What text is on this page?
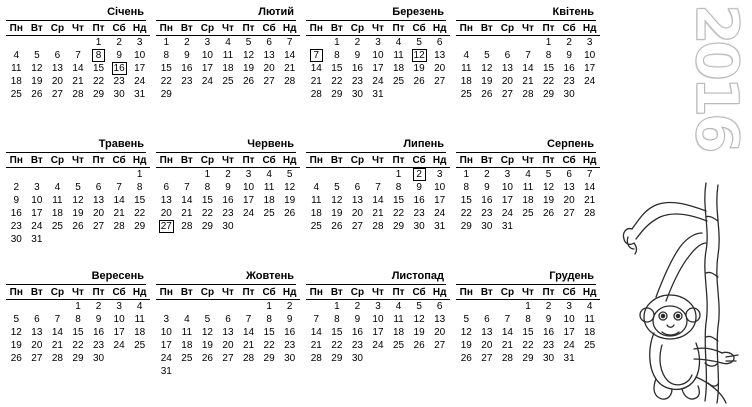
Січень
Пн	Вт	Ср	Чт	Пт	Сб	Нд
				1	2	3
4	5	6	7	8	9	10
11	12	13	14	15	16	17
18	19	20	21	22	23	24
25	26	27	28	29	30	31
Лютий
Пн	Вт	Ср	Чт	Пт	Сб	Нд
1	2	3	4	5	6	7
8	9	10	11	12	13	14
15	16	17	18	19	20	21
22	23	24	25	26	27	28
29						
Березень
Пн	Вт	Ср	Чт	Пт	Сб	Нд
	1	2	3	4	5	6
7	8	9	10	11	12	13
14	15	16	17	18	19	20
21	22	23	24	25	26	27
28	29	30	31			
Квітень
Пн	Вт	Ср	Чт	Пт	Сб	Нд
				1	2	3
4	5	6	7	8	9	10
11	12	13	14	15	16	17
18	19	20	21	22	23	24
25	26	27	28	29	30	
Травень
Пн	Вт	Ср	Чт	Пт	Сб	Нд
						1
2	3	4	5	6	7	8
9	10	11	12	13	14	15
16	17	18	19	20	21	22
23	24	25	26	27	28	29
30	31					
Червень
Пн	Вт	Ср	Чт	Пт	Сб	Нд
		1	2	3	4	5
6	7	8	9	10	11	12
13	14	15	16	17	18	19
20	21	22	23	24	25	26
27	28	29	30			
Липень
Пн	Вт	Ср	Чт	Пт	Сб	Нд
				1	2	3
4	5	6	7	8	9	10
11	12	13	14	15	16	17
18	19	20	21	22	23	24
25	26	27	28	29	30	31
Серпень
Пн	Вт	Ср	Чт	Пт	Сб	Нд
1	2	3	4	5	6	7
8	9	10	11	12	13	14
15	16	17	18	19	20	21
22	23	24	25	26	27	28
29	30	31				
Вересень
Пн	Вт	Ср	Чт	Пт	Сб	Нд
			1	2	3	4
5	6	7	8	9	10	11
12	13	14	15	16	17	18
19	20	21	22	23	24	25
26	27	28	29	30		
Жовтень
Пн	Вт	Ср	Чт	Пт	Сб	Нд
					1	2
3	4	5	6	7	8	9
10	11	12	13	14	15	16
17	18	19	20	21	22	23
24	25	26	27	28	29	30
31						
Листопад
Пн	Вт	Ср	Чт	Пт	Сб	Нд
	1	2	3	4	5	6
7	8	9	10	11	12	13
14	15	16	17	18	19	20
21	22	23	24	25	26	27
28	29	30				
Грудень
Пн	Вт	Ср	Чт	Пт	Сб	Нд
			1	2	3	4
5	6	7	8	9	10	11
12	13	14	15	16	17	18
19	20	21	22	23	24	25
26	27	28	29	30	31	
2016
